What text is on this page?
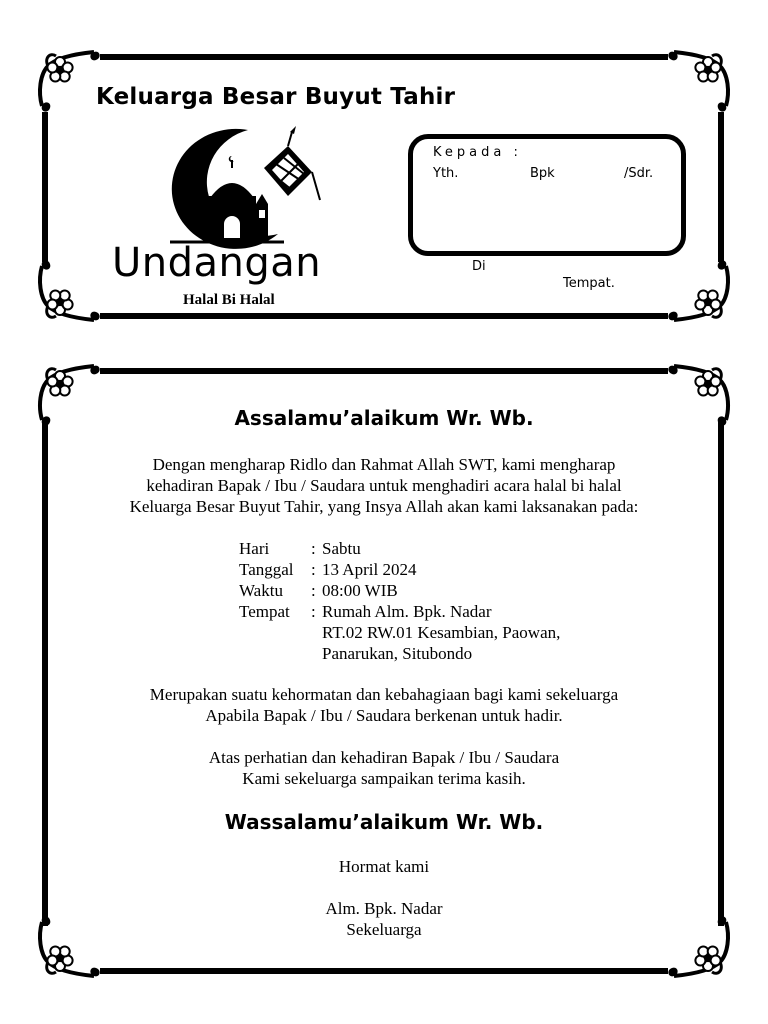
Keluarga Besar Buyut Tahir
Undangan
Halal Bi Halal
Kepada :
Yth.	Bpk	/Sdr.
Di
Tempat.
Assalamu’alaikum Wr. Wb.
Dengan mengharap Ridlo dan Rahmat Allah SWT, kami mengharap
kehadiran Bapak / Ibu / Saudara untuk menghadiri acara halal bi halal
Keluarga Besar Buyut Tahir, yang Insya Allah akan kami laksanakan pada:
Hari : Sabtu
Tanggal : 13 April 2024
Waktu : 08:00 WIB
Tempat : Rumah Alm. Bpk. Nadar
RT.02 RW.01 Kesambian, Paowan,
Panarukan, Situbondo
Merupakan suatu kehormatan dan kebahagiaan bagi kami sekeluarga
Apabila Bapak / Ibu / Saudara berkenan untuk hadir.
Atas perhatian dan kehadiran Bapak / Ibu / Saudara
Kami sekeluarga sampaikan terima kasih.
Wassalamu’alaikum Wr. Wb.
Hormat kami
Alm. Bpk. Nadar
Sekeluarga
